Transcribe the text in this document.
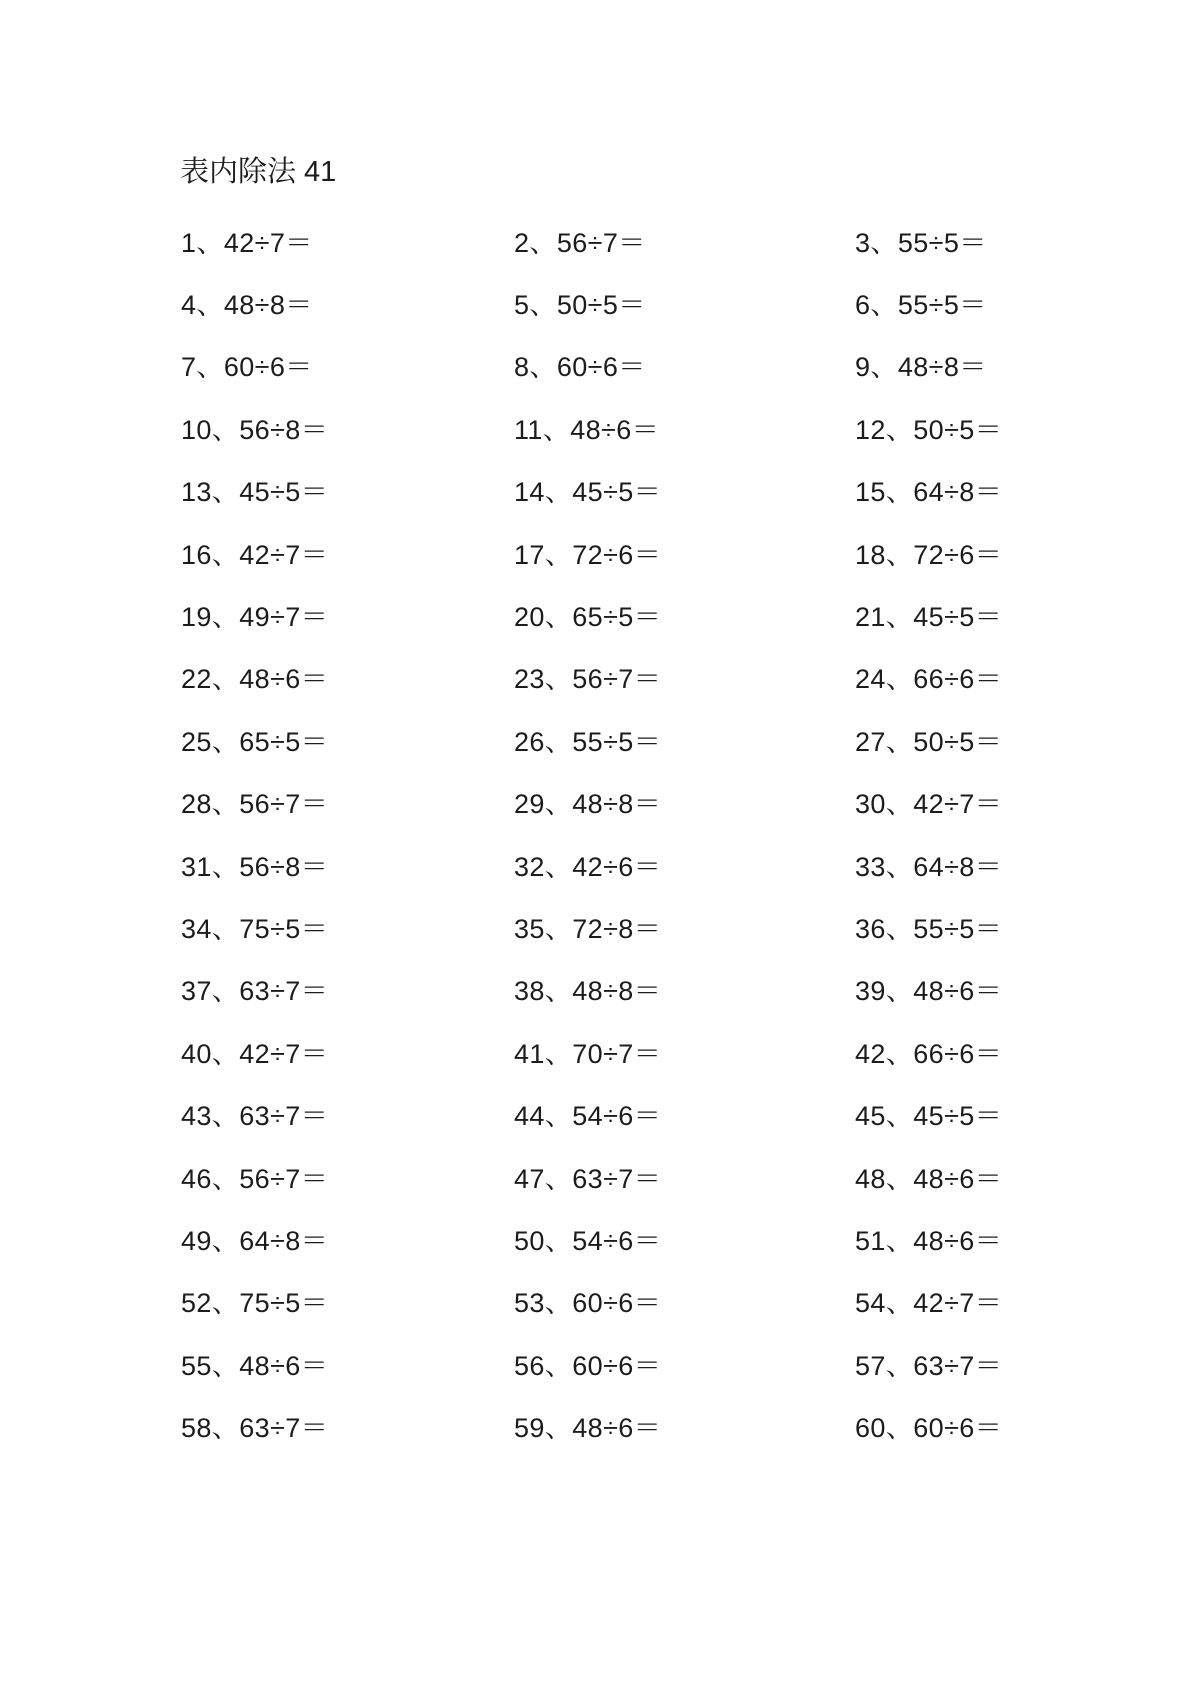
表内除法 41
1、42÷7＝	2、56÷7＝	3、55÷5＝
4、48÷8＝	5、50÷5＝	6、55÷5＝
7、60÷6＝	8、60÷6＝	9、48÷8＝
10、56÷8＝	11、48÷6＝	12、50÷5＝
13、45÷5＝	14、45÷5＝	15、64÷8＝
16、42÷7＝	17、72÷6＝	18、72÷6＝
19、49÷7＝	20、65÷5＝	21、45÷5＝
22、48÷6＝	23、56÷7＝	24、66÷6＝
25、65÷5＝	26、55÷5＝	27、50÷5＝
28、56÷7＝	29、48÷8＝	30、42÷7＝
31、56÷8＝	32、42÷6＝	33、64÷8＝
34、75÷5＝	35、72÷8＝	36、55÷5＝
37、63÷7＝	38、48÷8＝	39、48÷6＝
40、42÷7＝	41、70÷7＝	42、66÷6＝
43、63÷7＝	44、54÷6＝	45、45÷5＝
46、56÷7＝	47、63÷7＝	48、48÷6＝
49、64÷8＝	50、54÷6＝	51、48÷6＝
52、75÷5＝	53、60÷6＝	54、42÷7＝
55、48÷6＝	56、60÷6＝	57、63÷7＝
58、63÷7＝	59、48÷6＝	60、60÷6＝
